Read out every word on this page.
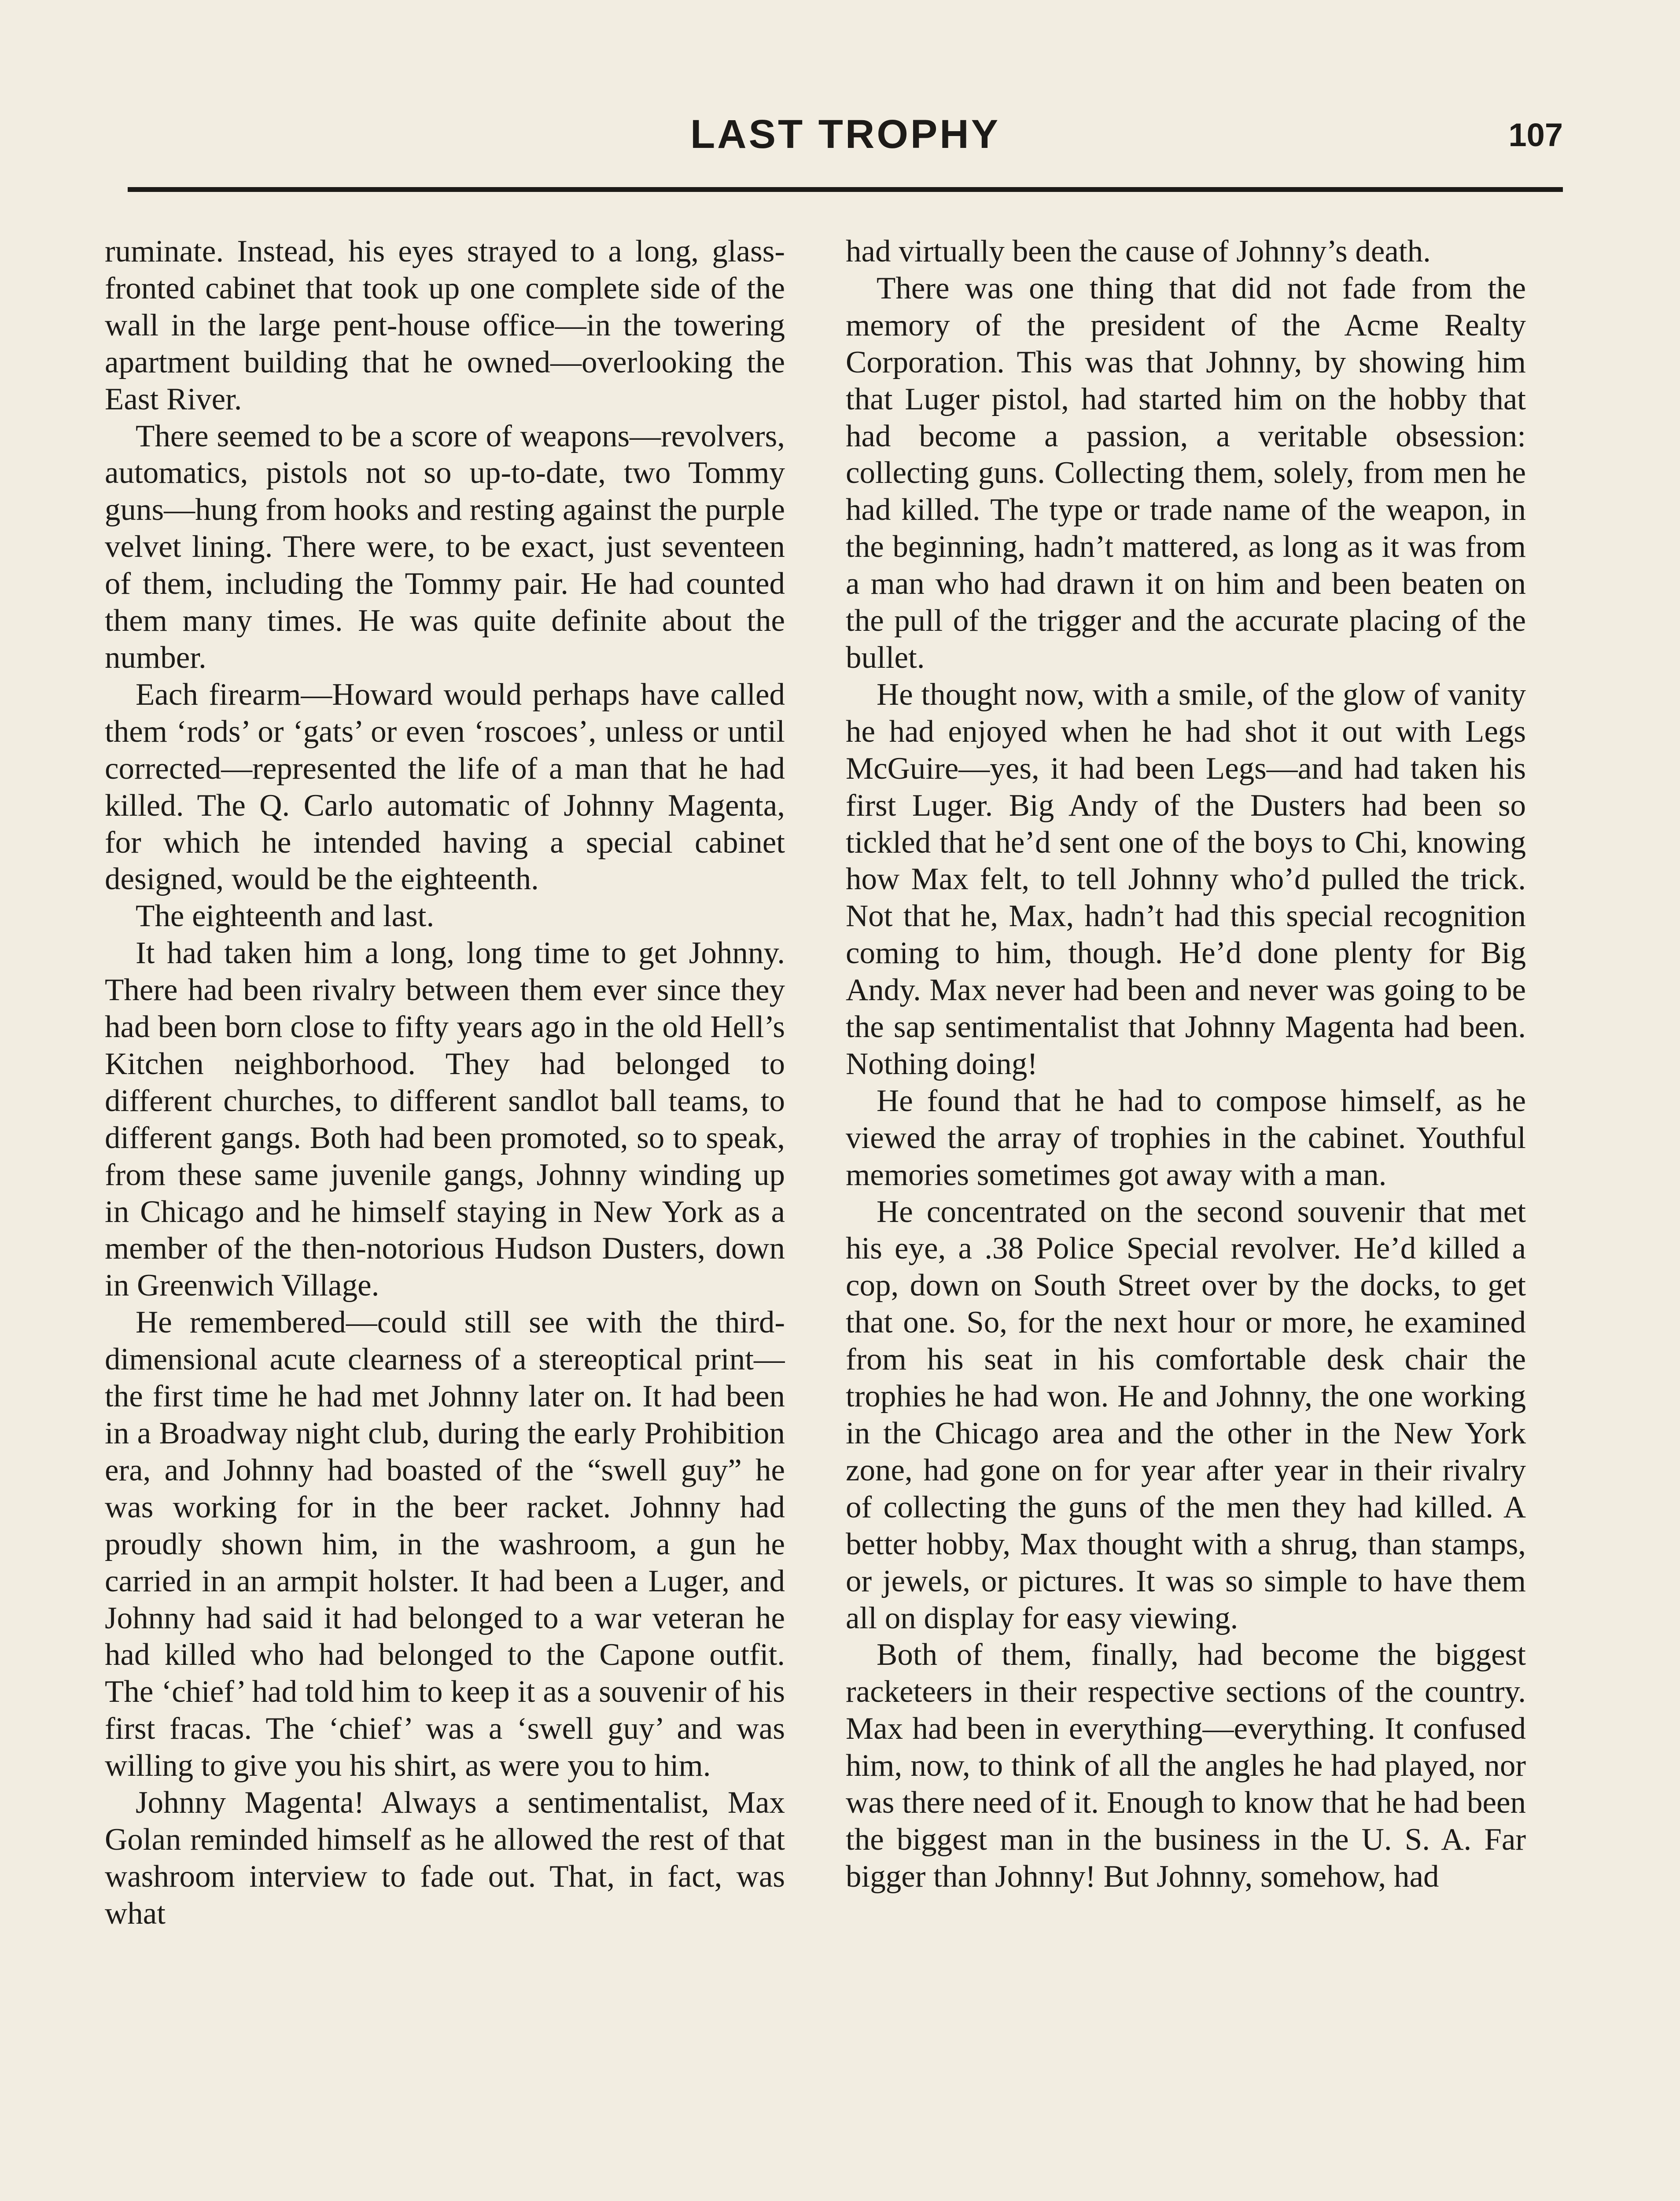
LAST TROPHY	107

ruminate. Instead, his eyes strayed to a long, glass-fronted cabinet that took up one complete side of the wall in the large pent-house office—in the towering apartment building that he owned—overlooking the East River.

There seemed to be a score of weapons—revolvers, automatics, pistols not so up-to-date, two Tommy guns—hung from hooks and resting against the purple velvet lining. There were, to be exact, just seventeen of them, including the Tommy pair. He had counted them many times. He was quite definite about the number.

Each firearm—Howard would perhaps have called them ‘rods’ or ‘gats’ or even ‘roscoes’, unless or until corrected—represented the life of a man that he had killed. The Q. Carlo automatic of Johnny Magenta, for which he intended having a special cabinet designed, would be the eighteenth.

The eighteenth and last.

It had taken him a long, long time to get Johnny. There had been rivalry between them ever since they had been born close to fifty years ago in the old Hell’s Kitchen neighborhood. They had belonged to different churches, to different sandlot ball teams, to different gangs. Both had been promoted, so to speak, from these same juvenile gangs, Johnny winding up in Chicago and he himself staying in New York as a member of the then-notorious Hudson Dusters, down in Greenwich Village.

He remembered—could still see with the third-dimensional acute clearness of a stereoptical print—the first time he had met Johnny later on. It had been in a Broadway night club, during the early Prohibition era, and Johnny had boasted of the “swell guy” he was working for in the beer racket. Johnny had proudly shown him, in the washroom, a gun he carried in an armpit holster. It had been a Luger, and Johnny had said it had belonged to a war veteran he had killed who had belonged to the Capone outfit. The ‘chief’ had told him to keep it as a souvenir of his first fracas. The ‘chief’ was a ‘swell guy’ and was willing to give you his shirt, as were you to him.

Johnny Magenta! Always a sentimentalist, Max Golan reminded himself as he allowed the rest of that washroom interview to fade out. That, in fact, was what

had virtually been the cause of Johnny’s death.

There was one thing that did not fade from the memory of the president of the Acme Realty Corporation. This was that Johnny, by showing him that Luger pistol, had started him on the hobby that had become a passion, a veritable obsession: collecting guns. Collecting them, solely, from men he had killed. The type or trade name of the weapon, in the beginning, hadn’t mattered, as long as it was from a man who had drawn it on him and been beaten on the pull of the trigger and the accurate placing of the bullet.

He thought now, with a smile, of the glow of vanity he had enjoyed when he had shot it out with Legs McGuire—yes, it had been Legs—and had taken his first Luger. Big Andy of the Dusters had been so tickled that he’d sent one of the boys to Chi, knowing how Max felt, to tell Johnny who’d pulled the trick. Not that he, Max, hadn’t had this special recognition coming to him, though. He’d done plenty for Big Andy. Max never had been and never was going to be the sap sentimentalist that Johnny Magenta had been. Nothing doing!

He found that he had to compose himself, as he viewed the array of trophies in the cabinet. Youthful memories sometimes got away with a man.

He concentrated on the second souvenir that met his eye, a .38 Police Special revolver. He’d killed a cop, down on South Street over by the docks, to get that one. So, for the next hour or more, he examined from his seat in his comfortable desk chair the trophies he had won. He and Johnny, the one working in the Chicago area and the other in the New York zone, had gone on for year after year in their rivalry of collecting the guns of the men they had killed. A better hobby, Max thought with a shrug, than stamps, or jewels, or pictures. It was so simple to have them all on display for easy viewing.

Both of them, finally, had become the biggest racketeers in their respective sections of the country. Max had been in everything—everything. It confused him, now, to think of all the angles he had played, nor was there need of it. Enough to know that he had been the biggest man in the business in the U. S. A. Far bigger than Johnny! But Johnny, somehow, had
